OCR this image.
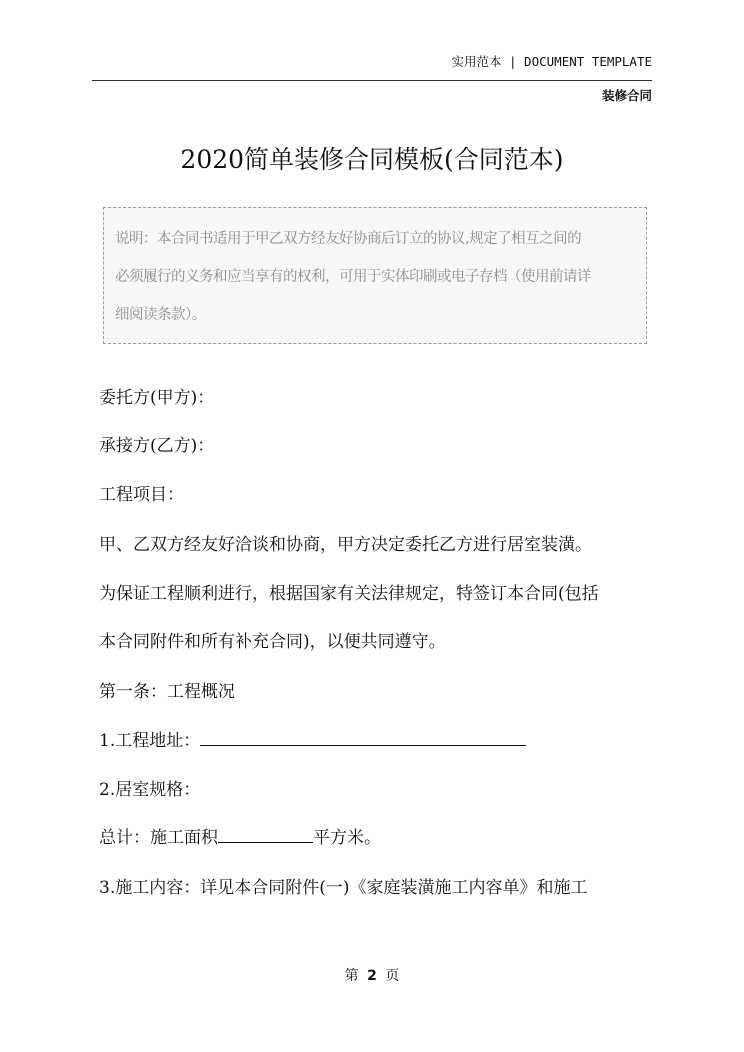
实用范本 | DOCUMENT TEMPLATE
装修合同
2020简单装修合同模板(合同范本)
说明：本合同书适用于甲乙双方经友好协商后订立的协议,规定了相互之间的
必须履行的义务和应当享有的权利，可用于实体印刷或电子存档（使用前请详
细阅读条款）。
委托方(甲方)：
承接方(乙方)：
工程项目：
甲、乙双方经友好洽谈和协商，甲方决定委托乙方进行居室装潢。
为保证工程顺利进行，根据国家有关法律规定，特签订本合同(包括
本合同附件和所有补充合同)，以便共同遵守。
第一条：工程概况
1.工程地址：
2.居室规格：
总计：施工面积	平方米。
3.施工内容：详见本合同附件(一)《家庭装潢施工内容单》和施工
第 2 页
